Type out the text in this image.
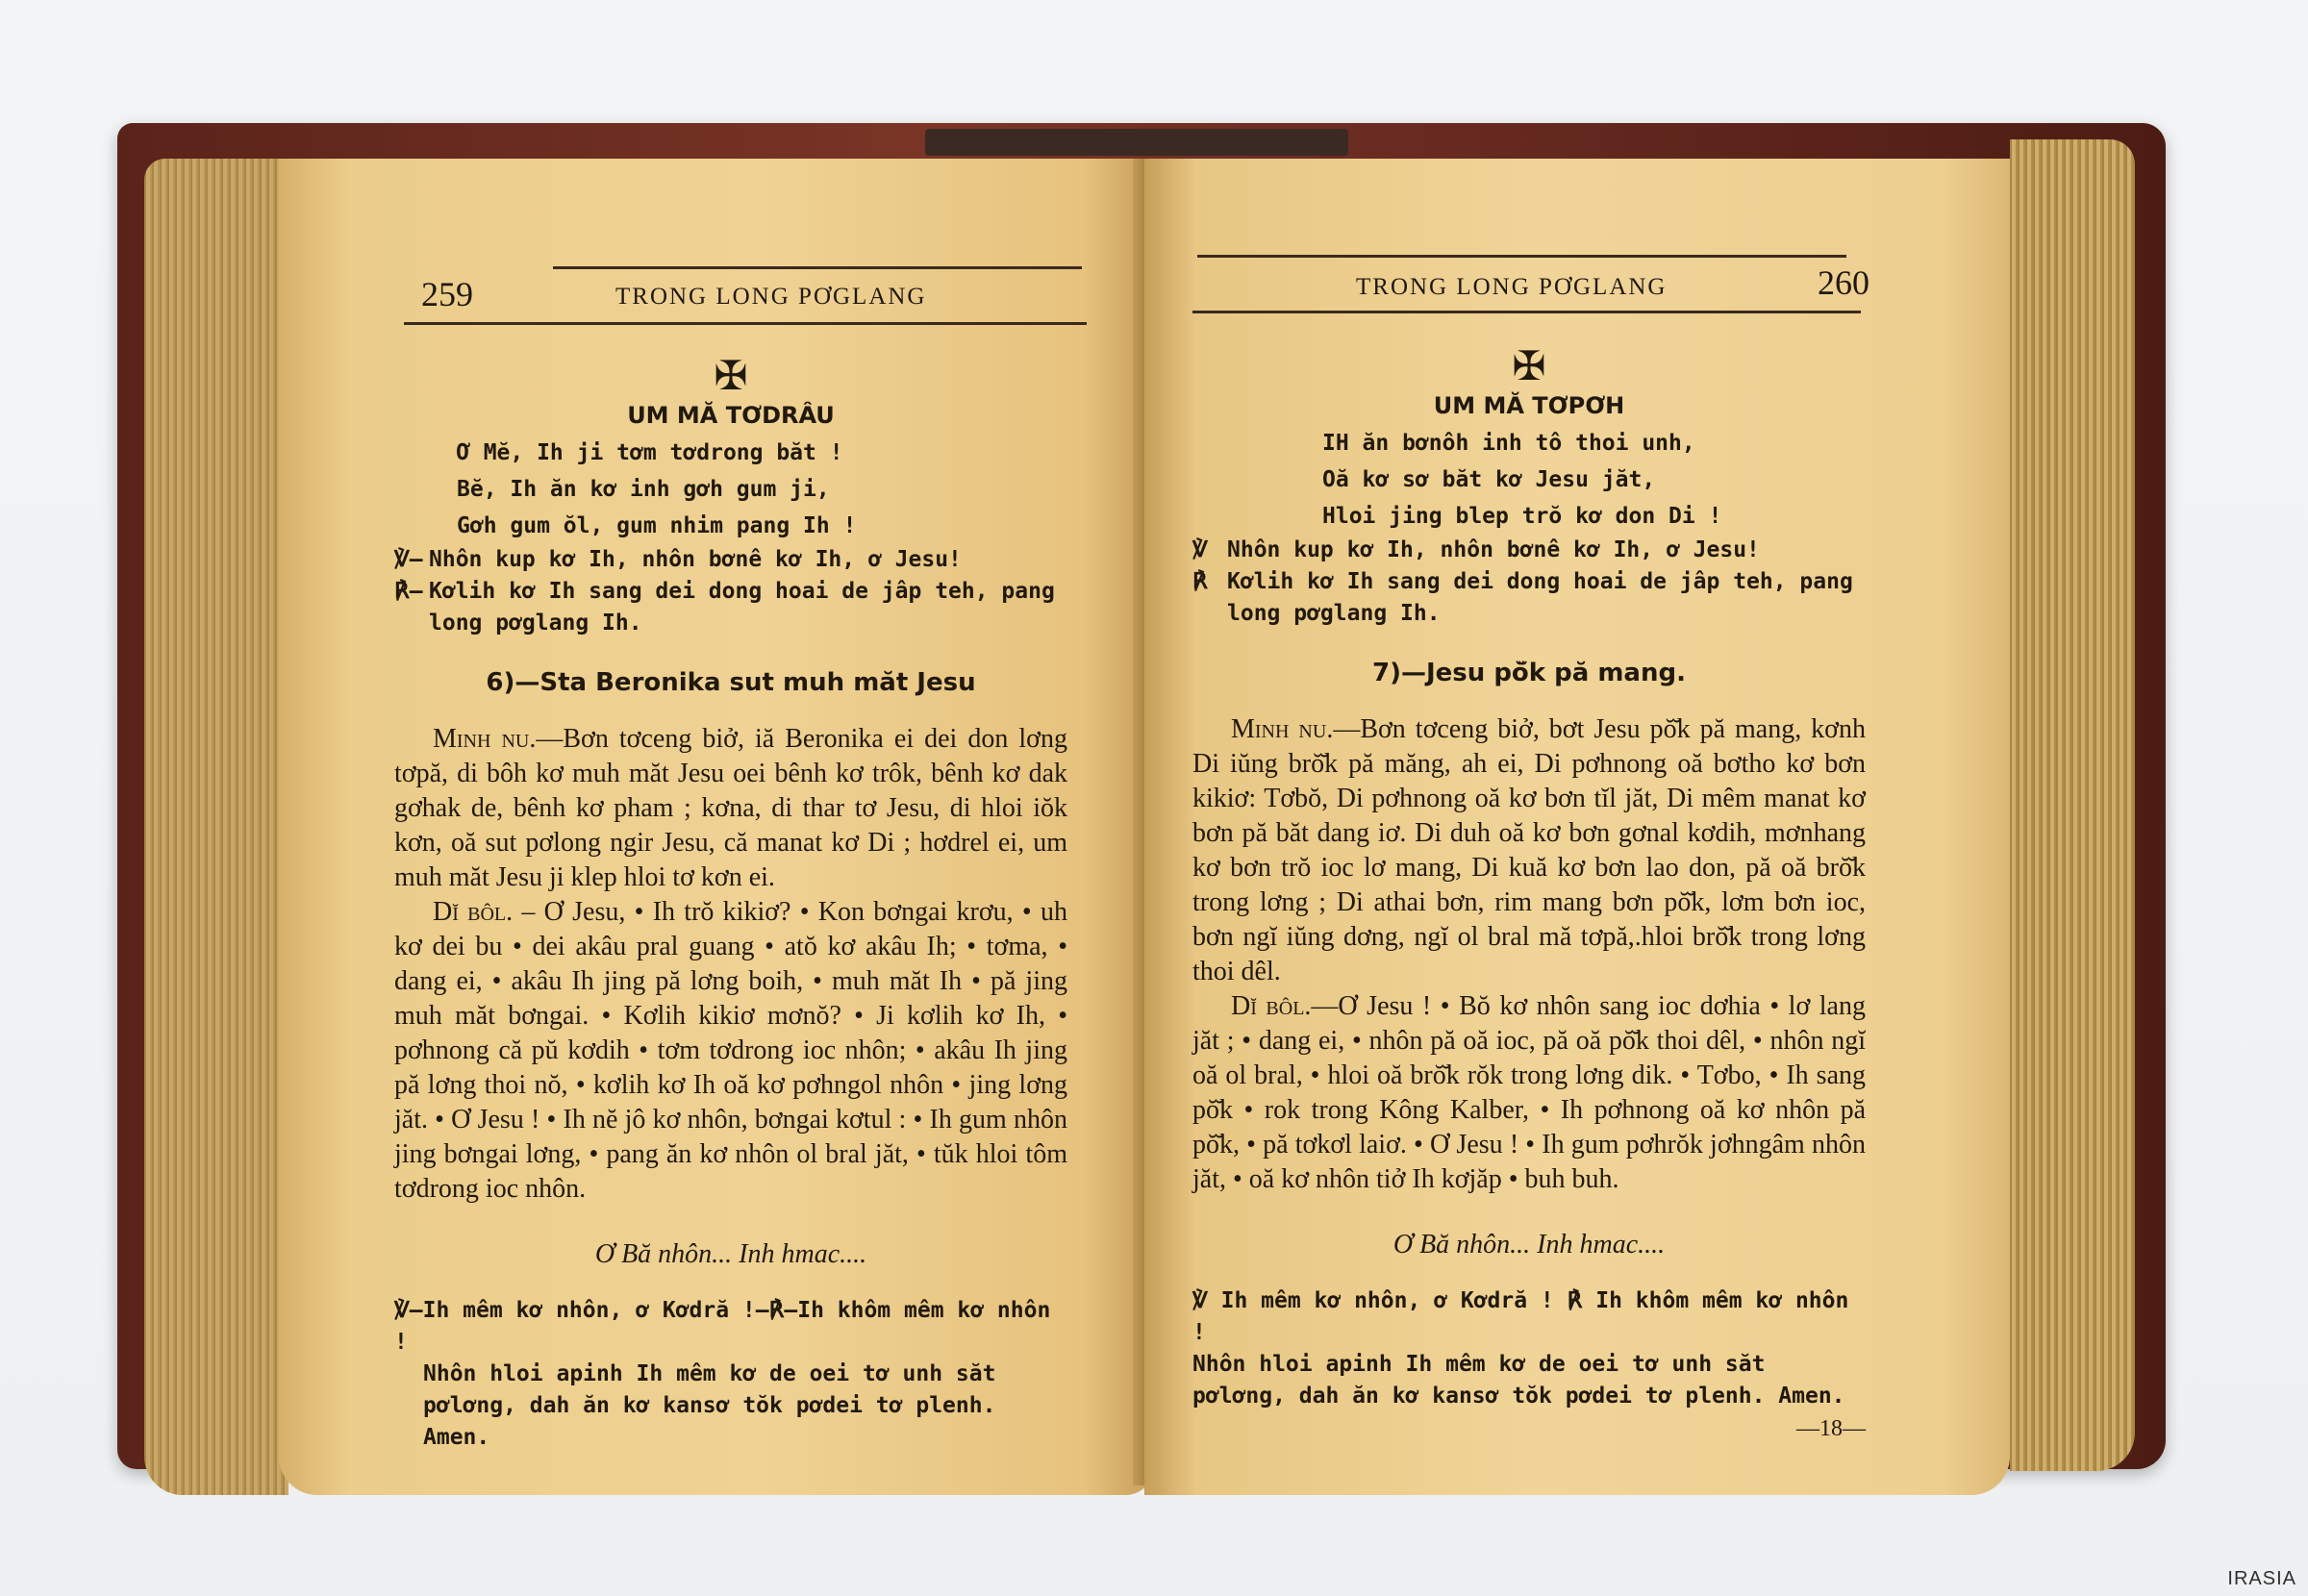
259	TRONG LONG PƠGLANG
✠
UM MĂ TƠDRÂU
Ơ Mĕ, Ih ji tơm tơdrong băt !
Bĕ, Ih ăn kơ inh gơh gum ji,
Gơh gum ŏl, gum nhim pang Ih !
℣— Nhôn kup kơ Ih, nhôn bơnê kơ Ih, ơ Jesu!
℟— Kơlih kơ Ih sang dei dong hoai de jâp teh, pang long pơglang Ih.
6)—Sta Beronika sut muh măt Jesu

Minh nu.—Bơn tơceng biở, iă Beronika ei dei don lơng tơpă, di bôh kơ muh măt Jesu oei bênh kơ trôk, bênh kơ dak gơhak de, bênh kơ pham ; kơna, di thar tơ Jesu, di hloi iŏk kơn, oă sut pơlong ngir Jesu, că manat kơ Di ; hơdrel ei, um muh măt Jesu ji klep hloi tơ kơn ei.

Dĭ bôl. – Ơ Jesu, • Ih trŏ kikiơ? • Kon bơngai krơu, • uh kơ dei bu • dei akâu pral guang • atŏ kơ akâu Ih; • tơma, • dang ei, • akâu Ih jing pă lơng boih, • muh măt Ih • pă jing muh măt bơngai. • Kơlih kikiơ mơnŏ? • Ji kơlih kơ Ih, • pơhnong că pŭ kơdih • tơm tơdrong ioc nhôn; • akâu Ih jing pă lơng thoi nŏ, • kơlih kơ Ih oă kơ pơhngol nhôn • jing lơng jăt. • Ơ Jesu ! • Ih nĕ jô kơ nhôn, bơngai kơtul : • Ih gum nhôn jing bơngai lơng, • pang ăn kơ nhôn ol bral jăt, • tŭk hloi tôm tơdrong ioc nhôn.

Ơ Bă nhôn... Inh hmac....
℣—Ih mêm kơ nhôn, ơ Kơdră !—℟—Ih khôm mêm kơ nhôn !
Nhôn hloi apinh Ih mêm kơ de oei tơ unh săt pơlơng, dah ăn kơ kansơ tŏk pơdei tơ plenh. Amen.
TRONG LONG PƠGLANG	260
✠
UM MĂ TƠPƠH
IH ăn bơnôh inh tô thoi unh,
Oă kơ sơ băt kơ Jesu jăt,
Hloi jing blep trŏ kơ don Di !
℣ Nhôn kup kơ Ih, nhôn bơnê kơ Ih, ơ Jesu!
℟ Kơlih kơ Ih sang dei dong hoai de jâp teh, pang long pơglang Ih.
7)—Jesu pŏ̆k pă mang.

Minh nu.—Bơn tơceng biở, bơt Jesu pŏ̆k pă mang, kơnh Di iŭng brŏ̆k pă măng, ah ei, Di pơhnong oă bơtho kơ bơn kikiơ: Tơbŏ, Di pơhnong oă kơ bơn tĭl jăt, Di mêm manat kơ bơn pă băt dang iơ. Di duh oă kơ bơn gơnal kơdih, mơnhang kơ bơn trŏ ioc lơ mang, Di kuă kơ bơn lao don, pă oă brŏ̆k trong lơng ; Di athai bơn, rim mang bơn pŏ̆k, lơm bơn ioc, bơn ngĭ iŭng dơng, ngĭ ol bral mă tơpă,.hloi brŏ̆k trong lơng thoi dêl.

Dĭ bôl.—Ơ Jesu ! • Bŏ kơ nhôn sang ioc dơhia • lơ lang jăt ; • dang ei, • nhôn pă oă ioc, pă oă pŏ̆k thoi dêl, • nhôn ngĭ oă ol bral, • hloi oă brŏ̆k rŏk trong lơng dik. • Tơbo, • Ih sang pŏ̆k • rok trong Kông Kalber, • Ih pơhnong oă kơ nhôn pă pŏ̆k, • pă tơkơl laiơ. • Ơ Jesu ! • Ih gum pơhrŏk jơhngâm nhôn jăt, • oă kơ nhôn tiở Ih kơjăp • buh buh.

Ơ Bă nhôn... Inh hmac....
℣ Ih mêm kơ nhôn, ơ Kơdră ! ℟ Ih khôm mêm kơ nhôn !
Nhôn hloi apinh Ih mêm kơ de oei tơ unh săt pơlơng, dah ăn kơ kansơ tŏk pơdei tơ plenh. Amen.
—18—
IRASIA
